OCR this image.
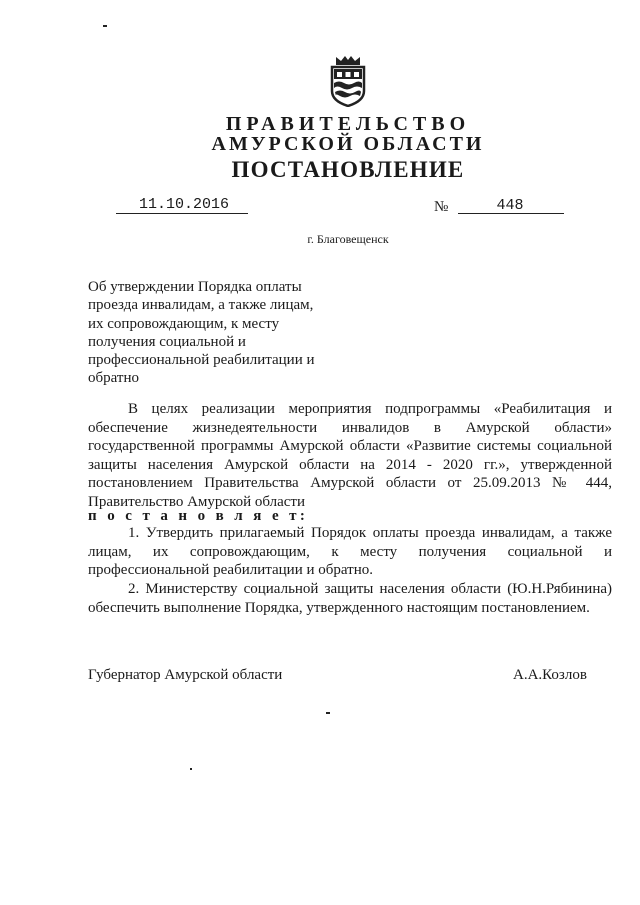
ПРАВИТЕЛЬСТВО
АМУРСКОЙ ОБЛАСТИ
ПОСТАНОВЛЕНИЕ
11.10.2016	№	448
г. Благовещенск
Об утверждении Порядка оплаты
проезда инвалидам, а также лицам,
их сопровождающим, к месту
получения социальной и
профессиональной реабилитации и
обратно
В целях реализации мероприятия подпрограммы «Реабилитация и
обеспечение жизнедеятельности инвалидов в Амурской области»
государственной программы Амурской области «Развитие системы социальной
защиты населения Амурской области на 2014 - 2020 гг.», утвержденной
постановлением Правительства Амурской области от 25.09.2013 № 444,
Правительство Амурской области
п о с т а н о в л я е т:
1. Утвердить прилагаемый Порядок оплаты проезда инвалидам, а также
лицам, их сопровождающим, к месту получения социальной и
профессиональной реабилитации и обратно.
2. Министерству социальной защиты населения области (Ю.Н.Рябинина)
обеспечить выполнение Порядка, утвержденного настоящим постановлением.
Губернатор Амурской области	А.А.Козлов
